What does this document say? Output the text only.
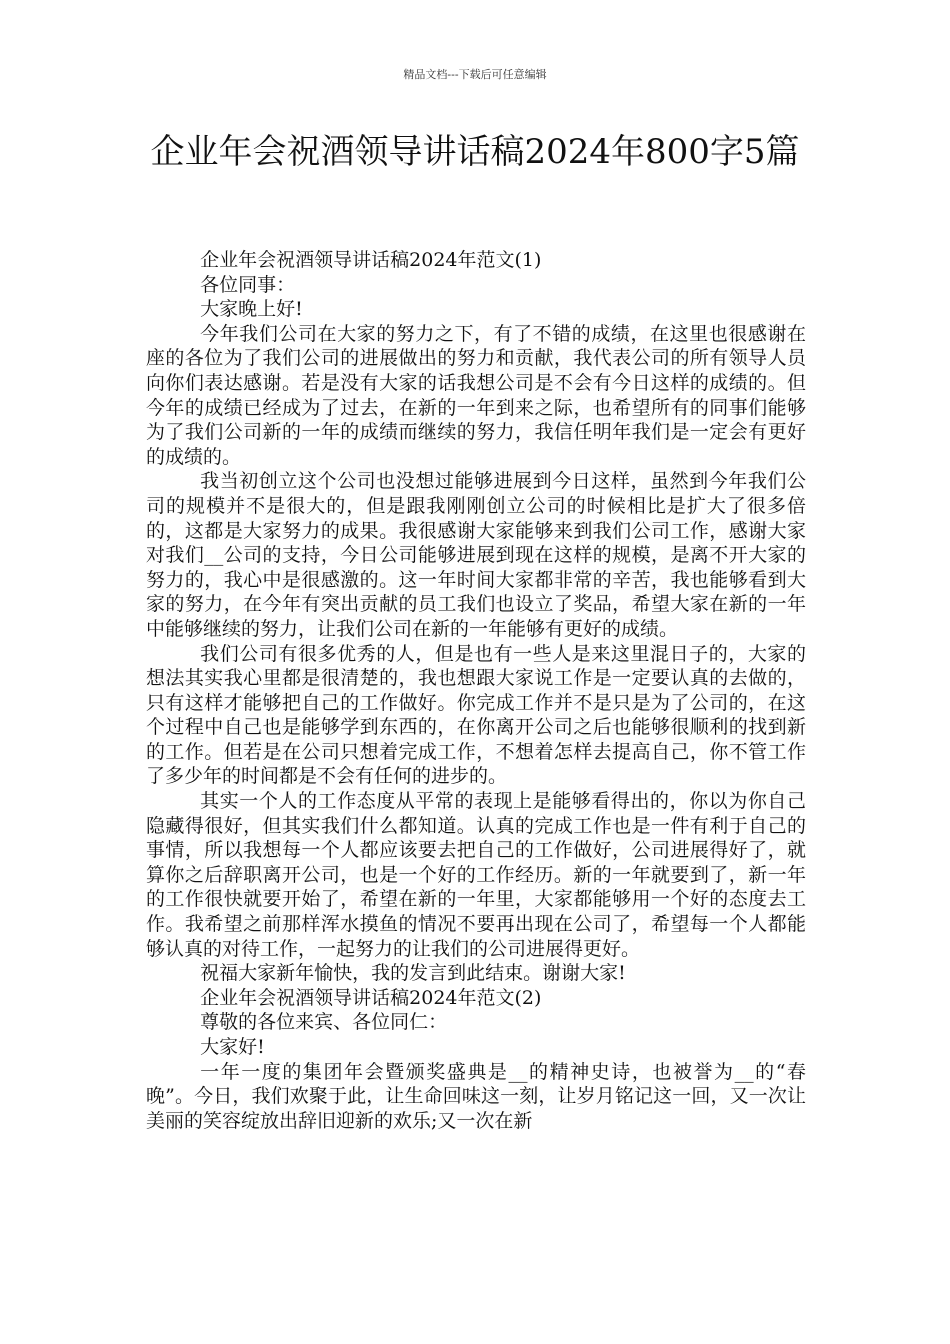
精品文档---下载后可任意编辑
企业年会祝酒领导讲话稿2024年800字5篇

企业年会祝酒领导讲话稿2024年范文(1)

各位同事：

大家晚上好!

今年我们公司在大家的努力之下，有了不错的成绩，在这里也很感谢在座的各位为了我们公司的进展做出的努力和贡献，我代表公司的所有领导人员向你们表达感谢。若是没有大家的话我想公司是不会有今日这样的成绩的。但今年的成绩已经成为了过去，在新的一年到来之际，也希望所有的同事们能够为了我们公司新的一年的成绩而继续的努力，我信任明年我们是一定会有更好的成绩的。

我当初创立这个公司也没想过能够进展到今日这样，虽然到今年我们公司的规模并不是很大的，但是跟我刚刚创立公司的时候相比是扩大了很多倍的，这都是大家努力的成果。我很感谢大家能够来到我们公司工作，感谢大家对我们__公司的支持，今日公司能够进展到现在这样的规模，是离不开大家的努力的，我心中是很感激的。这一年时间大家都非常的辛苦，我也能够看到大家的努力，在今年有突出贡献的员工我们也设立了奖品，希望大家在新的一年中能够继续的努力，让我们公司在新的一年能够有更好的成绩。

我们公司有很多优秀的人，但是也有一些人是来这里混日子的，大家的想法其实我心里都是很清楚的，我也想跟大家说工作是一定要认真的去做的，只有这样才能够把自己的工作做好。你完成工作并不是只是为了公司的，在这个过程中自己也是能够学到东西的，在你离开公司之后也能够很顺利的找到新的工作。但若是在公司只想着完成工作，不想着怎样去提高自己，你不管工作了多少年的时间都是不会有任何的进步的。

其实一个人的工作态度从平常的表现上是能够看得出的，你以为你自己隐藏得很好，但其实我们什么都知道。认真的完成工作也是一件有利于自己的事情，所以我想每一个人都应该要去把自己的工作做好，公司进展得好了，就算你之后辞职离开公司，也是一个好的工作经历。新的一年就要到了，新一年的工作很快就要开始了，希望在新的一年里，大家都能够用一个好的态度去工作。我希望之前那样浑水摸鱼的情况不要再出现在公司了，希望每一个人都能够认真的对待工作，一起努力的让我们的公司进展得更好。

祝福大家新年愉快，我的发言到此结束。谢谢大家!

企业年会祝酒领导讲话稿2024年范文(2)

尊敬的各位来宾、各位同仁：

大家好!

一年一度的集团年会暨颁奖盛典是__的精神史诗，也被誉为__的“春晚”。今日，我们欢聚于此，让生命回味这一刻，让岁月铭记这一回，又一次让美丽的笑容绽放出辞旧迎新的欢乐;又一次在新
